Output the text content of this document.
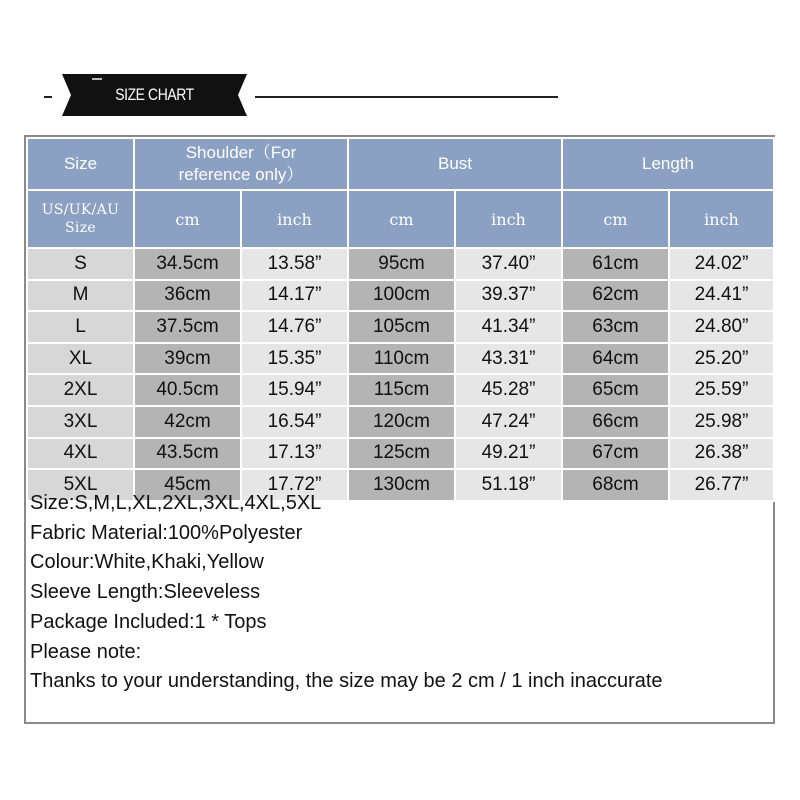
SIZE CHART
Size	Shoulder（For reference only）		Bust		Length	

US/UK/AU
Size	cm	inch	cm	inch	cm	inch
S	34.5cm	13.58”	95cm	37.40”	61cm	24.02”
M	36cm	14.17”	100cm	39.37”	62cm	24.41”
L	37.5cm	14.76”	105cm	41.34”	63cm	24.80”
XL	39cm	15.35”	110cm	43.31”	64cm	25.20”
2XL	40.5cm	15.94”	115cm	45.28”	65cm	25.59”
3XL	42cm	16.54”	120cm	47.24”	66cm	25.98”
4XL	43.5cm	17.13”	125cm	49.21”	67cm	26.38”
5XL	45cm	17.72”	130cm	51.18”	68cm	26.77”
Size:S,M,L,XL,2XL,3XL,4XL,5XL
Fabric Material:100%Polyester
Colour:White,Khaki,Yellow
Sleeve Length:Sleeveless
Package Included:1 * Tops
Please note:
Thanks to your understanding, the size may be 2 cm / 1 inch inaccurate
